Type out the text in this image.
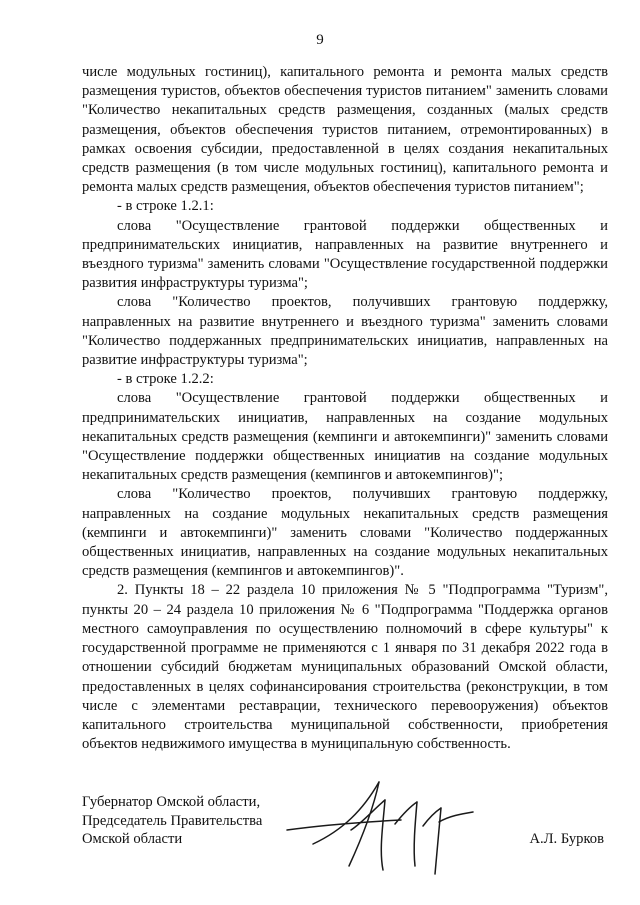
9

числе модульных гостиниц), капитального ремонта и ремонта малых средств размещения туристов, объектов обеспечения туристов питанием" заменить словами "Количество некапитальных средств размещения, созданных (малых средств размещения, объектов обеспечения туристов питанием, отремонтированных) в рамках освоения субсидии, предоставленной в целях создания некапитальных средств размещения (в том числе модульных гостиниц), капитального ремонта и ремонта малых средств размещения, объектов обеспечения туристов питанием";

- в строке 1.2.1:

слова "Осуществление грантовой поддержки общественных и предпринимательских инициатив, направленных на развитие внутреннего и въездного туризма" заменить словами "Осуществление государственной поддержки развития инфраструктуры туризма";

слова "Количество проектов, получивших грантовую поддержку, направленных на развитие внутреннего и въездного туризма" заменить словами "Количество поддержанных предпринимательских инициатив, направленных на развитие инфраструктуры туризма";

- в строке 1.2.2:

слова "Осуществление грантовой поддержки общественных и предпринимательских инициатив, направленных на создание модульных некапитальных средств размещения (кемпинги и автокемпинги)" заменить словами "Осуществление поддержки общественных инициатив на создание модульных некапитальных средств размещения (кемпингов и автокемпингов)";

слова "Количество проектов, получивших грантовую поддержку, направленных на создание модульных некапитальных средств размещения (кемпинги и автокемпинги)" заменить словами "Количество поддержанных общественных инициатив, направленных на создание модульных некапитальных средств размещения (кемпингов и автокемпингов)".

2. Пункты 18 – 22 раздела 10 приложения № 5 "Подпрограмма "Туризм", пункты 20 – 24 раздела 10 приложения № 6 "Подпрограмма "Поддержка органов местного самоуправления по осуществлению полномочий в сфере культуры" к государственной программе не применяются с 1 января по 31 декабря 2022 года в отношении субсидий бюджетам муниципальных образований Омской области, предоставленных в целях софинансирования строительства (реконструкции, в том числе с элементами реставрации, технического перевооружения) объектов капитального строительства муниципальной собственности, приобретения объектов недвижимого имущества в муниципальную собственность.

Губернатор Омской области,
Председатель Правительства
Омской области	А.Л. Бурков
